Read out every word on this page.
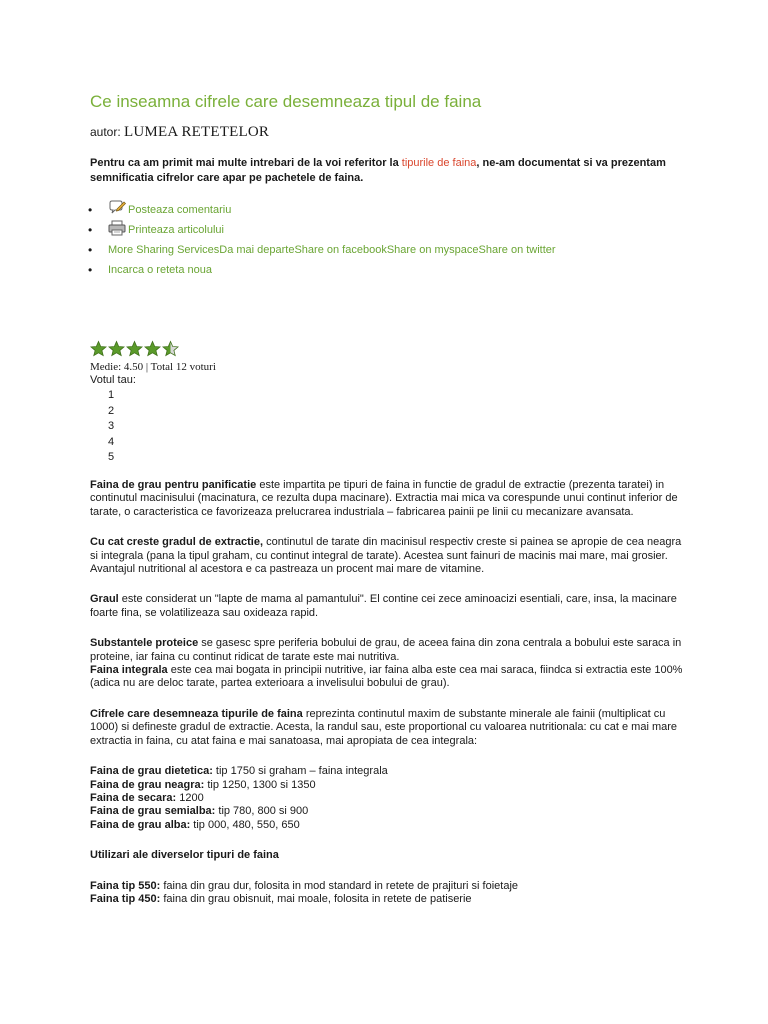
Ce inseamna cifrele care desemneaza tipul de faina
autor: LUMEA RETETELOR

Pentru ca am primit mai multe intrebari de la voi referitor la tipurile de faina, ne-am documentat si va prezentam semnificatia cifrelor care apar pe pachetele de faina.

•	Posteaza comentariu
•	Printeaza articolului
• More Sharing ServicesDa mai departeShare on facebookShare on myspaceShare on twitter
• Incarca o reteta noua
Medie: 4.50 | Total 12 voturi
Votul tau:
1
2
3
4
5

Faina de grau pentru panificatie este impartita pe tipuri de faina in functie de gradul de extractie (prezenta taratei) in continutul macinisului (macinatura, ce rezulta dupa macinare). Extractia mai mica va corespunde unui continut inferior de tarate, o caracteristica ce favorizeaza prelucrarea industriala – fabricarea painii pe linii cu mecanizare avansata.

Cu cat creste gradul de extractie, continutul de tarate din macinisul respectiv creste si painea se apropie de cea neagra si integrala (pana la tipul graham, cu continut integral de tarate). Acestea sunt fainuri de macinis mai mare, mai grosier. Avantajul nutritional al acestora e ca pastreaza un procent mai mare de vitamine.

Graul este considerat un "lapte de mama al pamantului". El contine cei zece aminoacizi esentiali, care, insa, la macinare foarte fina, se volatilizeaza sau oxideaza rapid.

Substantele proteice se gasesc spre periferia bobului de grau, de aceea faina din zona centrala a bobului este saraca in proteine, iar faina cu continut ridicat de tarate este mai nutritiva.

Faina integrala este cea mai bogata in principii nutritive, iar faina alba este cea mai saraca, fiindca si extractia este 100% (adica nu are deloc tarate, partea exterioara a invelisului bobului de grau).

Cifrele care desemneaza tipurile de faina reprezinta continutul maxim de substante minerale ale fainii (multiplicat cu 1000) si defineste gradul de extractie. Acesta, la randul sau, este proportional cu valoarea nutritionala: cu cat e mai mare extractia in faina, cu atat faina e mai sanatoasa, mai apropiata de cea integrala:

Faina de grau dietetica: tip 1750 si graham – faina integrala

Faina de grau neagra: tip 1250, 1300 si 1350

Faina de secara: 1200

Faina de grau semialba: tip 780, 800 si 900

Faina de grau alba: tip 000, 480, 550, 650

Utilizari ale diverselor tipuri de faina

Faina tip 550: faina din grau dur, folosita in mod standard in retete de prajituri si foietaje

Faina tip 450: faina din grau obisnuit, mai moale, folosita in retete de patiserie
